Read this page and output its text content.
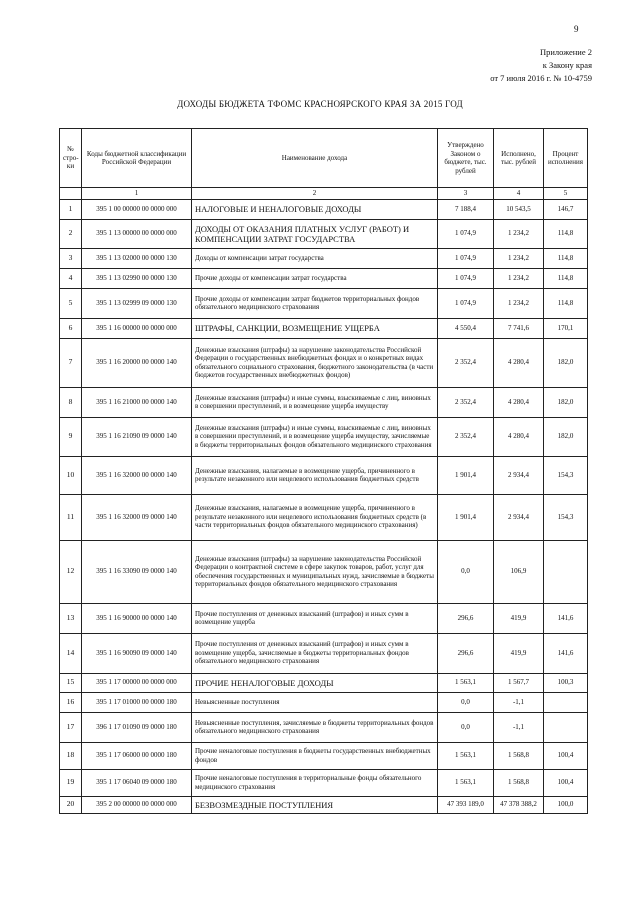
9
Приложение 2
к Закону края
от 7 июля 2016 г. № 10-4759
ДОХОДЫ БЮДЖЕТА ТФОМС КРАСНОЯРСКОГО КРАЯ ЗА 2015 ГОД
№ стро-ки	Коды бюджетной классификации Российской Федерации	Наименование дохода	Утверждено Законом о бюджете, тыс. рублей	Исполнено, тыс. рублей	Процент исполнения
	1	2	3	4	5
1	395 1 00 00000 00 0000 000	НАЛОГОВЫЕ И НЕНАЛОГОВЫЕ ДОХОДЫ	7 188,4	10 543,5	146,7
2	395 1 13 00000 00 0000 000	ДОХОДЫ ОТ ОКАЗАНИЯ ПЛАТНЫХ УСЛУГ (РАБОТ) И КОМПЕНСАЦИИ ЗАТРАТ ГОСУДАРСТВА	1 074,9	1 234,2	114,8
3	395 1 13 02000 00 0000 130	Доходы от компенсации затрат государства	1 074,9	1 234,2	114,8
4	395 1 13 02990 00 0000 130	Прочие доходы от компенсации затрат государства	1 074,9	1 234,2	114,8
5	395 1 13 02999 09 0000 130	Прочие доходы от компенсации затрат бюджетов территориальных фондов обязательного медицинского страхования	1 074,9	1 234,2	114,8
6	395 1 16 00000 00 0000 000	ШТРАФЫ, САНКЦИИ, ВОЗМЕЩЕНИЕ УЩЕРБА	4 550,4	7 741,6	170,1
7	395 1 16 20000 00 0000 140	Денежные взыскания (штрафы) за нарушение законодательства Российской Федерации о государственных внебюджетных фондах и о конкретных видах обязательного социального страхования, бюджетного законодательства (в части бюджетов государственных внебюджетных фондов)	2 352,4	4 280,4	182,0
8	395 1 16 21000 00 0000 140	Денежные взыскания (штрафы) и иные суммы, взыскиваемые с лиц, виновных в совершении преступлений, и в возмещение ущерба имуществу	2 352,4	4 280,4	182,0
9	395 1 16 21090 09 0000 140	Денежные взыскания (штрафы) и иные суммы, взыскиваемые с лиц, виновных в совершении преступлений, и в возмещение ущерба имуществу, зачисляемые в бюджеты территориальных фондов обязательного медицинского страхования	2 352,4	4 280,4	182,0
10	395 1 16 32000 00 0000 140	Денежные взыскания, налагаемые в возмещение ущерба, причиненного в результате незаконного или нецелевого использования бюджетных средств	1 901,4	2 934,4	154,3
11	395 1 16 32000 09 0000 140	Денежные взыскания, налагаемые в возмещение ущерба, причиненного в результате незаконного или нецелевого использования бюджетных средств (в части территориальных фондов обязательного медицинского страхования)	1 901,4	2 934,4	154,3
12	395 1 16 33090 09 0000 140	Денежные взыскания (штрафы) за нарушение законодательства Российской Федерации о контрактной системе в сфере закупок товаров, работ, услуг для обеспечения государственных и муниципальных нужд, зачисляемые в бюджеты территориальных фондов обязательного медицинского страхования	0,0	106,9	
13	395 1 16 90000 00 0000 140	Прочие поступления от денежных взысканий (штрафов) и иных сумм в возмещение ущерба	296,6	419,9	141,6
14	395 1 16 90090 09 0000 140	Прочие поступления от денежных взысканий (штрафов) и иных сумм в возмещение ущерба, зачисляемые в бюджеты территориальных фондов обязательного медицинского страхования	296,6	419,9	141,6
15	395 1 17 00000 00 0000 000	ПРОЧИЕ НЕНАЛОГОВЫЕ ДОХОДЫ	1 563,1	1 567,7	100,3
16	395 1 17 01000 00 0000 180	Невыясненные поступления	0,0	-1,1	
17	396 1 17 01090 09 0000 180	Невыясненные поступления, зачисляемые в бюджеты территориальных фондов обязательного медицинского страхования	0,0	-1,1	
18	395 1 17 06000 00 0000 180	Прочие неналоговые поступления в бюджеты государственных внебюджетных фондов	1 563,1	1 568,8	100,4
19	395 1 17 06040 09 0000 180	Прочие неналоговые поступления в территориальные фонды обязательного медицинского страхования	1 563,1	1 568,8	100,4
20	395 2 00 00000 00 0000 000	БЕЗВОЗМЕЗДНЫЕ ПОСТУПЛЕНИЯ	47 393 189,0	47 378 388,2	100,0
